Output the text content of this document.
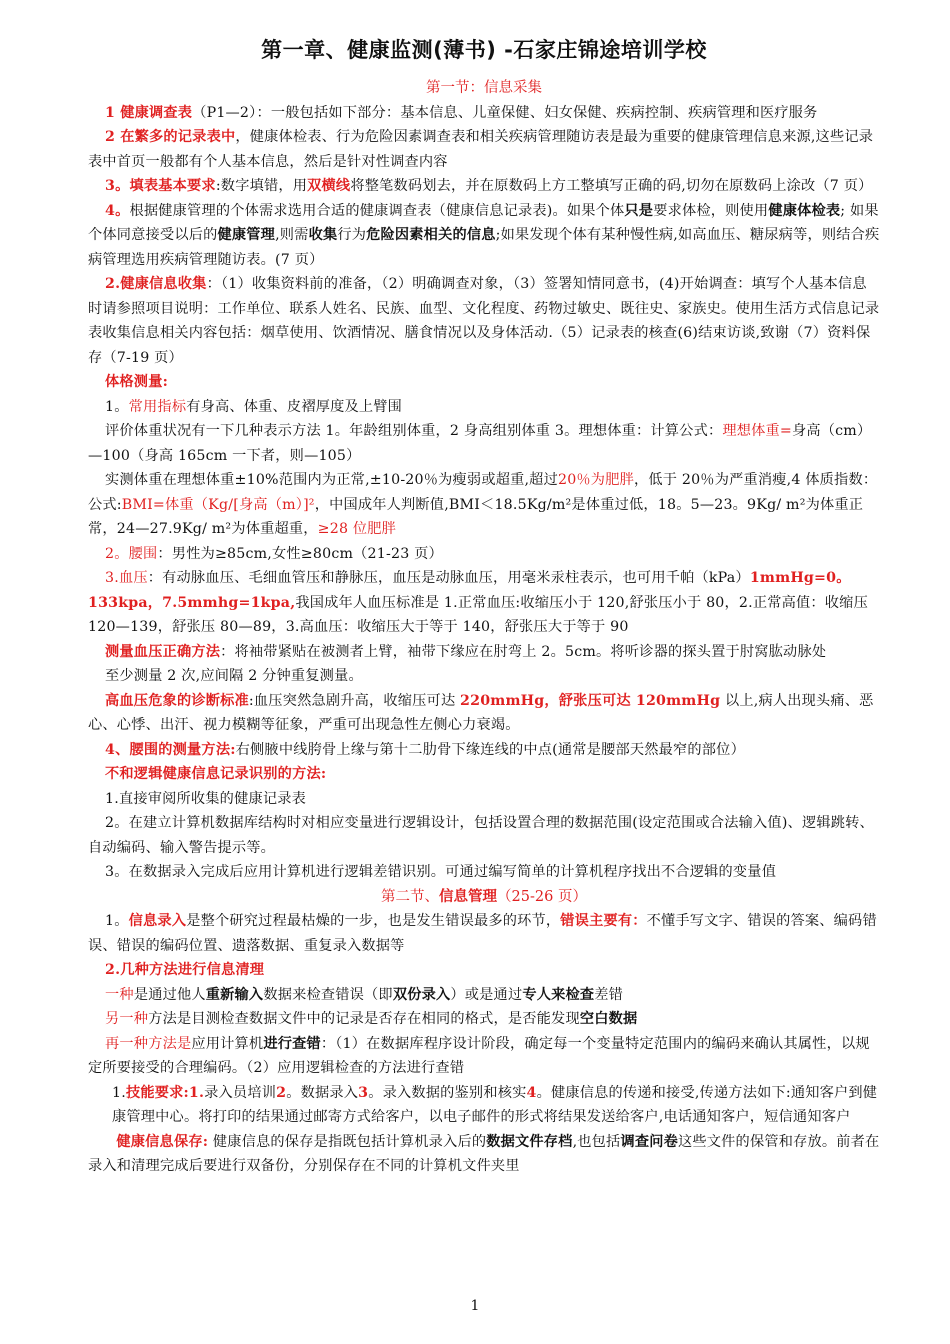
第一章、健康监测(薄书) -石家庄锦途培训学校
第一节：信息采集

1 健康调查表（P1—2）：一般包括如下部分：基本信息、儿童保健、妇女保健、疾病控制、疾病管理和医疗服务

2 在繁多的记录表中，健康体检表、行为危险因素调查表和相关疾病管理随访表是最为重要的健康管理信息来源,这些记录表中首页一般都有个人基本信息，然后是针对性调查内容

3。填表基本要求:数字填错，用双横线将整笔数码划去，并在原数码上方工整填写正确的码,切勿在原数码上涂改（7 页）

4。根据健康管理的个体需求选用合适的健康调查表（健康信息记录表)。如果个体只是要求体检，则使用健康体检表; 如果个体同意接受以后的健康管理,则需收集行为危险因素相关的信息;如果发现个体有某种慢性病,如高血压、糖尿病等，则结合疾病管理选用疾病管理随访表。(7 页）

2.健康信息收集：（1）收集资料前的准备，（2）明确调查对象，（3）签署知情同意书，(4)开始调查：填写个人基本信息时请参照项目说明：工作单位、联系人姓名、民族、血型、文化程度、药物过敏史、既往史、家族史。使用生活方式信息记录表收集信息相关内容包括：烟草使用、饮酒情况、膳食情况以及身体活动.（5）记录表的核查(6)结束访谈,致谢（7）资料保存（7-19 页）

体格测量:

1。常用指标有身高、体重、皮褶厚度及上臂围

评价体重状况有一下几种表示方法 1。年龄组别体重，2 身高组别体重 3。理想体重：计算公式：理想体重=身高（cm）—100（身高 165cm 一下者，则—105）

实测体重在理想体重±10%范围内为正常,±10-20％为瘦弱或超重,超过20％为肥胖，低于 20％为严重消瘦,4 体质指数：公式:BMI=体重（Kg/[身高（m）]²，中国成年人判断值,BMI＜18.5Kg/m²是体重过低，18。5—23。9Kg/ m²为体重正常，24—27.9Kg/ m²为体重超重，≥28 位肥胖

2。腰围：男性为≥85cm,女性≥80cm（21-23 页）

3.血压：有动脉血压、毛细血管压和静脉压，血压是动脉血压，用毫米汞柱表示，也可用千帕（kPa）1mmHg=0。133kpa，7.5mmhg=1kpa,我国成年人血压标准是 1.正常血压:收缩压小于 120,舒张压小于 80，2.正常高值：收缩压 120—139，舒张压 80—89，3.高血压：收缩压大于等于 140，舒张压大于等于 90

测量血压正确方法：将袖带紧贴在被测者上臂，袖带下缘应在肘弯上 2。5cm。将听诊器的探头置于肘窝肱动脉处

至少测量 2 次,应间隔 2 分钟重复测量。

高血压危象的诊断标准:血压突然急剧升高，收缩压可达 220mmHg，舒张压可达 120mmHg 以上,病人出现头痛、恶心、心悸、出汗、视力模糊等征象，严重可出现急性左侧心力衰竭。

4、腰围的测量方法:右侧腋中线胯骨上缘与第十二肋骨下缘连线的中点(通常是腰部天然最窄的部位）

不和逻辑健康信息记录识别的方法:

1.直接审阅所收集的健康记录表

2。在建立计算机数据库结构时对相应变量进行逻辑设计，包括设置合理的数据范围(设定范围或合法输入值)、逻辑跳转、自动编码、输入警告提示等。

3。在数据录入完成后应用计算机进行逻辑差错识别。可通过编写简单的计算机程序找出不合逻辑的变量值

第二节、信息管理（25-26 页）

1。信息录入是整个研究过程最枯燥的一步，也是发生错误最多的环节，错误主要有：不懂手写文字、错误的答案、编码错误、错误的编码位置、遗落数据、重复录入数据等

2.几种方法进行信息清理

一种是通过他人重新输入数据来检查错误（即双份录入）或是通过专人来检查差错

另一种方法是目测检查数据文件中的记录是否存在相同的格式，是否能发现空白数据

再一种方法是应用计算机进行查错：（1）在数据库程序设计阶段，确定每一个变量特定范围内的编码来确认其属性，以规定所要接受的合理编码。（2）应用逻辑检查的方法进行查错

1.技能要求:1.录入员培训2。数据录入3。录入数据的鉴别和核实4。健康信息的传递和接受,传递方法如下:通知客户到健康管理中心。将打印的结果通过邮寄方式给客户，以电子邮件的形式将结果发送给客户,电话通知客户，短信通知客户

健康信息保存: 健康信息的保存是指既包括计算机录入后的数据文件存档,也包括调查问卷这些文件的保管和存放。前者在录入和清理完成后要进行双备份，分别保存在不同的计算机文件夹里

1
